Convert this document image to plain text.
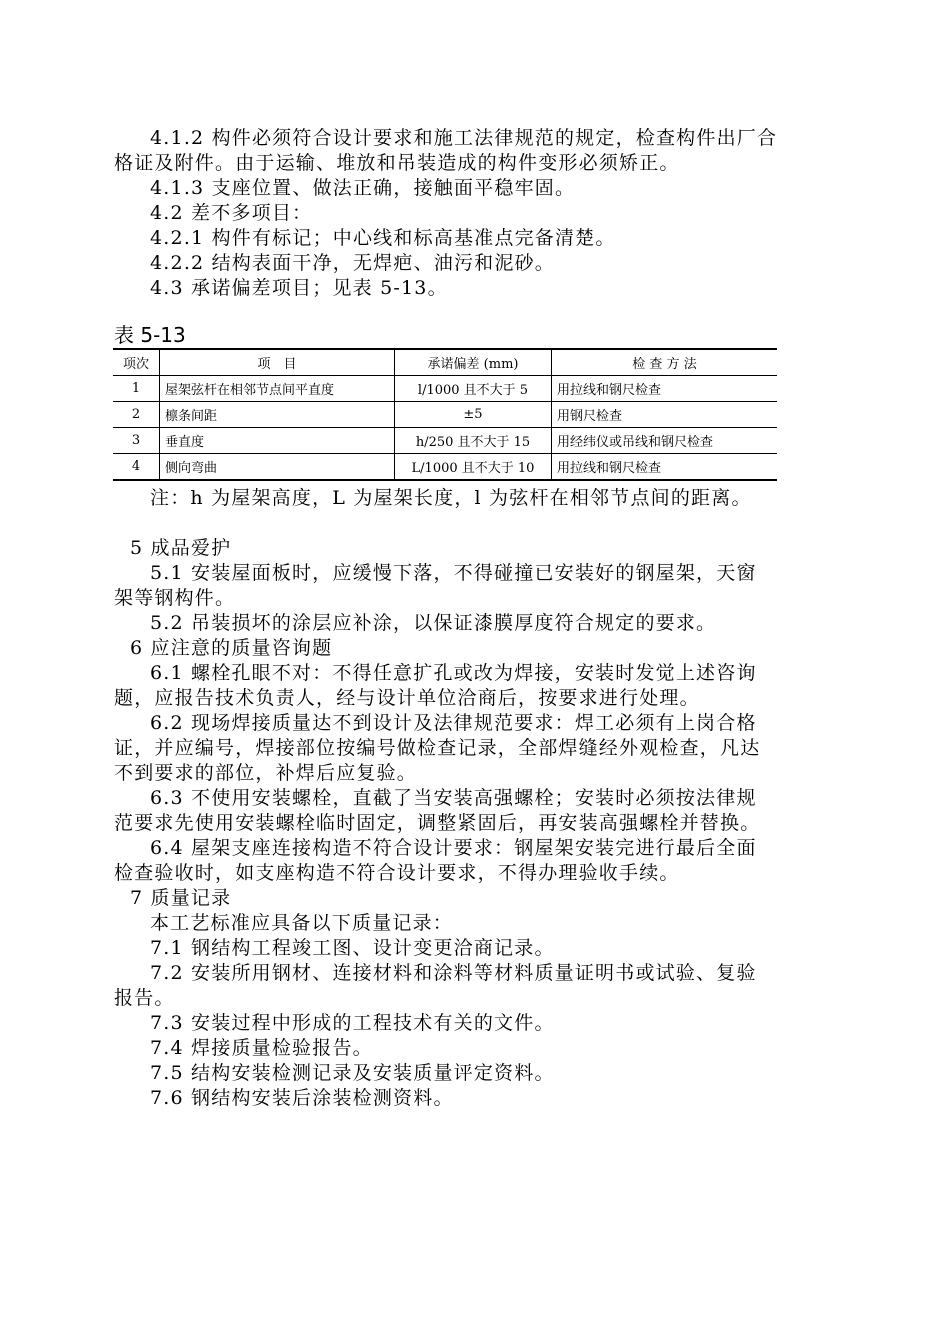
4.1.2 构件必须符合设计要求和施工法律规范的规定，检查构件出厂合
格证及附件。由于运输、堆放和吊装造成的构件变形必须矫正。
4.1.3 支座位置、做法正确，接触面平稳牢固。
4.2 差不多项目：
4.2.1 构件有标记；中心线和标高基准点完备清楚。
4.2.2 结构表面干净，无焊疤、油污和泥砂。
4.3 承诺偏差项目；见表 5-13。
表 5-13
项次	项　目	承诺偏差 (mm)	检 查 方 法
1	屋架弦杆在相邻节点间平直度	l/1000 且不大于 5	用拉线和钢尺检查
2	檩条间距	±5	用钢尺检查
3	垂直度	h/250 且不大于 15	用经纬仪或吊线和钢尺检查
4	侧向弯曲	L/1000 且不大于 10	用拉线和钢尺检查
注：h 为屋架高度，L 为屋架长度，l 为弦杆在相邻节点间的距离。
5 成品爱护
5.1 安装屋面板时，应缓慢下落，不得碰撞已安装好的钢屋架，天窗
架等钢构件。
5.2 吊装损坏的涂层应补涂，以保证漆膜厚度符合规定的要求。
6 应注意的质量咨询题
6.1 螺栓孔眼不对：不得任意扩孔或改为焊接，安装时发觉上述咨询
题，应报告技术负责人，经与设计单位洽商后，按要求进行处理。
6.2 现场焊接质量达不到设计及法律规范要求：焊工必须有上岗合格
证，并应编号，焊接部位按编号做检查记录，全部焊缝经外观检查，凡达
不到要求的部位，补焊后应复验。
6.3 不使用安装螺栓，直截了当安装高强螺栓；安装时必须按法律规
范要求先使用安装螺栓临时固定，调整紧固后，再安装高强螺栓并替换。
6.4 屋架支座连接构造不符合设计要求：钢屋架安装完进行最后全面
检查验收时，如支座构造不符合设计要求，不得办理验收手续。
7 质量记录
本工艺标准应具备以下质量记录：
7.1 钢结构工程竣工图、设计变更洽商记录。
7.2 安装所用钢材、连接材料和涂料等材料质量证明书或试验、复验
报告。
7.3 安装过程中形成的工程技术有关的文件。
7.4 焊接质量检验报告。
7.5 结构安装检测记录及安装质量评定资料。
7.6 钢结构安装后涂装检测资料。
